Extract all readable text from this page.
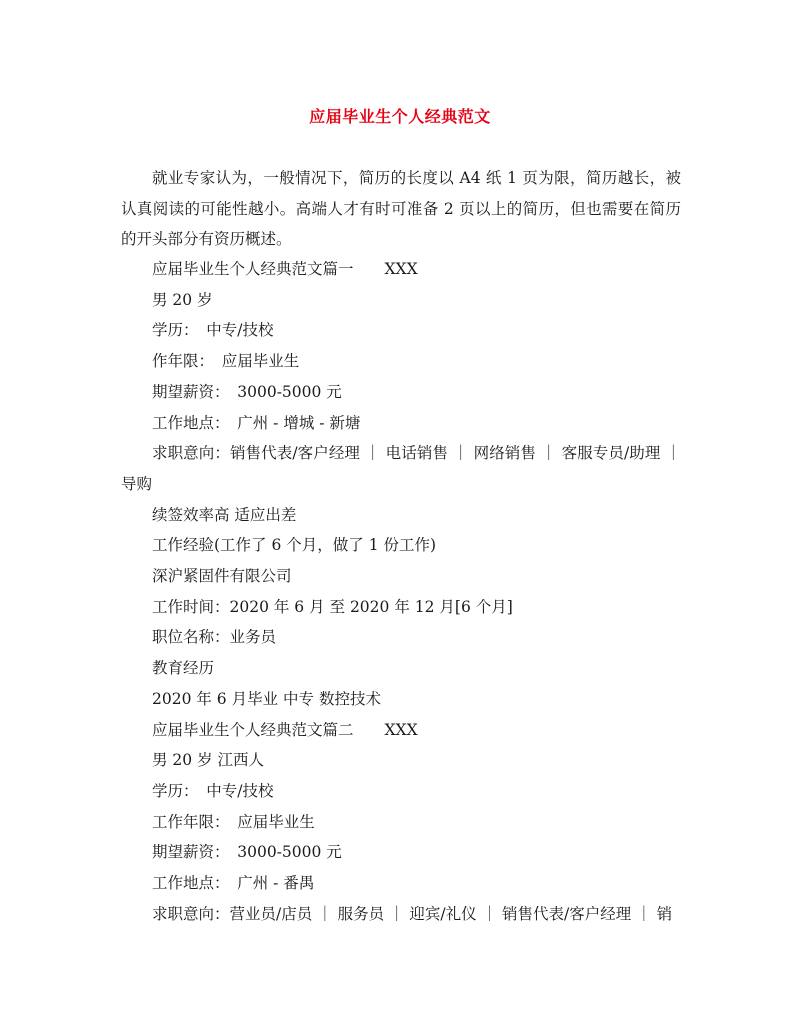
应届毕业生个人经典范文

就业专家认为，一般情况下，简历的长度以 A4 纸 1 页为限，简历越长，被认真阅读的可能性越小。高端人才有时可准备 2 页以上的简历，但也需要在简历的开头部分有资历概述。

应届毕业生个人经典范文篇一　　XXX
男 20 岁
学历：　中专/技校
作年限：　应届毕业生
期望薪资：　3000-5000 元
工作地点：　广州 - 增城 - 新塘
求职意向：销售代表/客户经理 ｜ 电话销售 ｜ 网络销售 ｜ 客服专员/助理 ｜ 导购
续签效率高 适应出差
工作经验(工作了 6 个月，做了 1 份工作)
深沪紧固件有限公司
工作时间：2020 年 6 月 至 2020 年 12 月[6 个月]
职位名称：业务员
教育经历
2020 年 6 月毕业 中专 数控技术
应届毕业生个人经典范文篇二　　XXX
男 20 岁 江西人
学历：　中专/技校
工作年限：　应届毕业生
期望薪资：　3000-5000 元
工作地点：　广州 - 番禺
求职意向：营业员/店员 ｜ 服务员 ｜ 迎宾/礼仪 ｜ 销售代表/客户经理 ｜ 销
